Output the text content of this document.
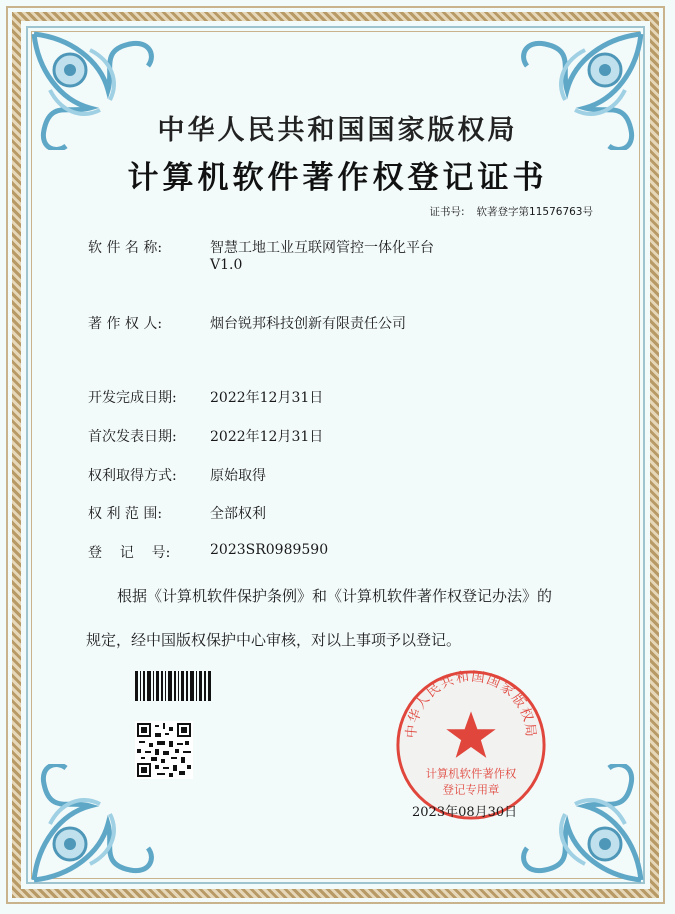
中华人民共和国国家版权局
计算机软件著作权登记证书
证书号: 软著登字第11576763号
软 件 名 称:	智慧工地工业互联网管控一体化平台
V1.0
著 作 权 人:	烟台锐邦科技创新有限责任公司
开发完成日期: 2022年12月31日
首次发表日期: 2022年12月31日
权利取得方式: 原始取得
权 利 范 围:	全部权利
登    记    号:	2023SR0989590
根据《计算机软件保护条例》和《计算机软件著作权登记办法》的
规定，经中国版权保护中心审核，对以上事项予以登记。
中华人民共和国国家版权局
计算机软件著作权
登记专用章
2023年08月30日
